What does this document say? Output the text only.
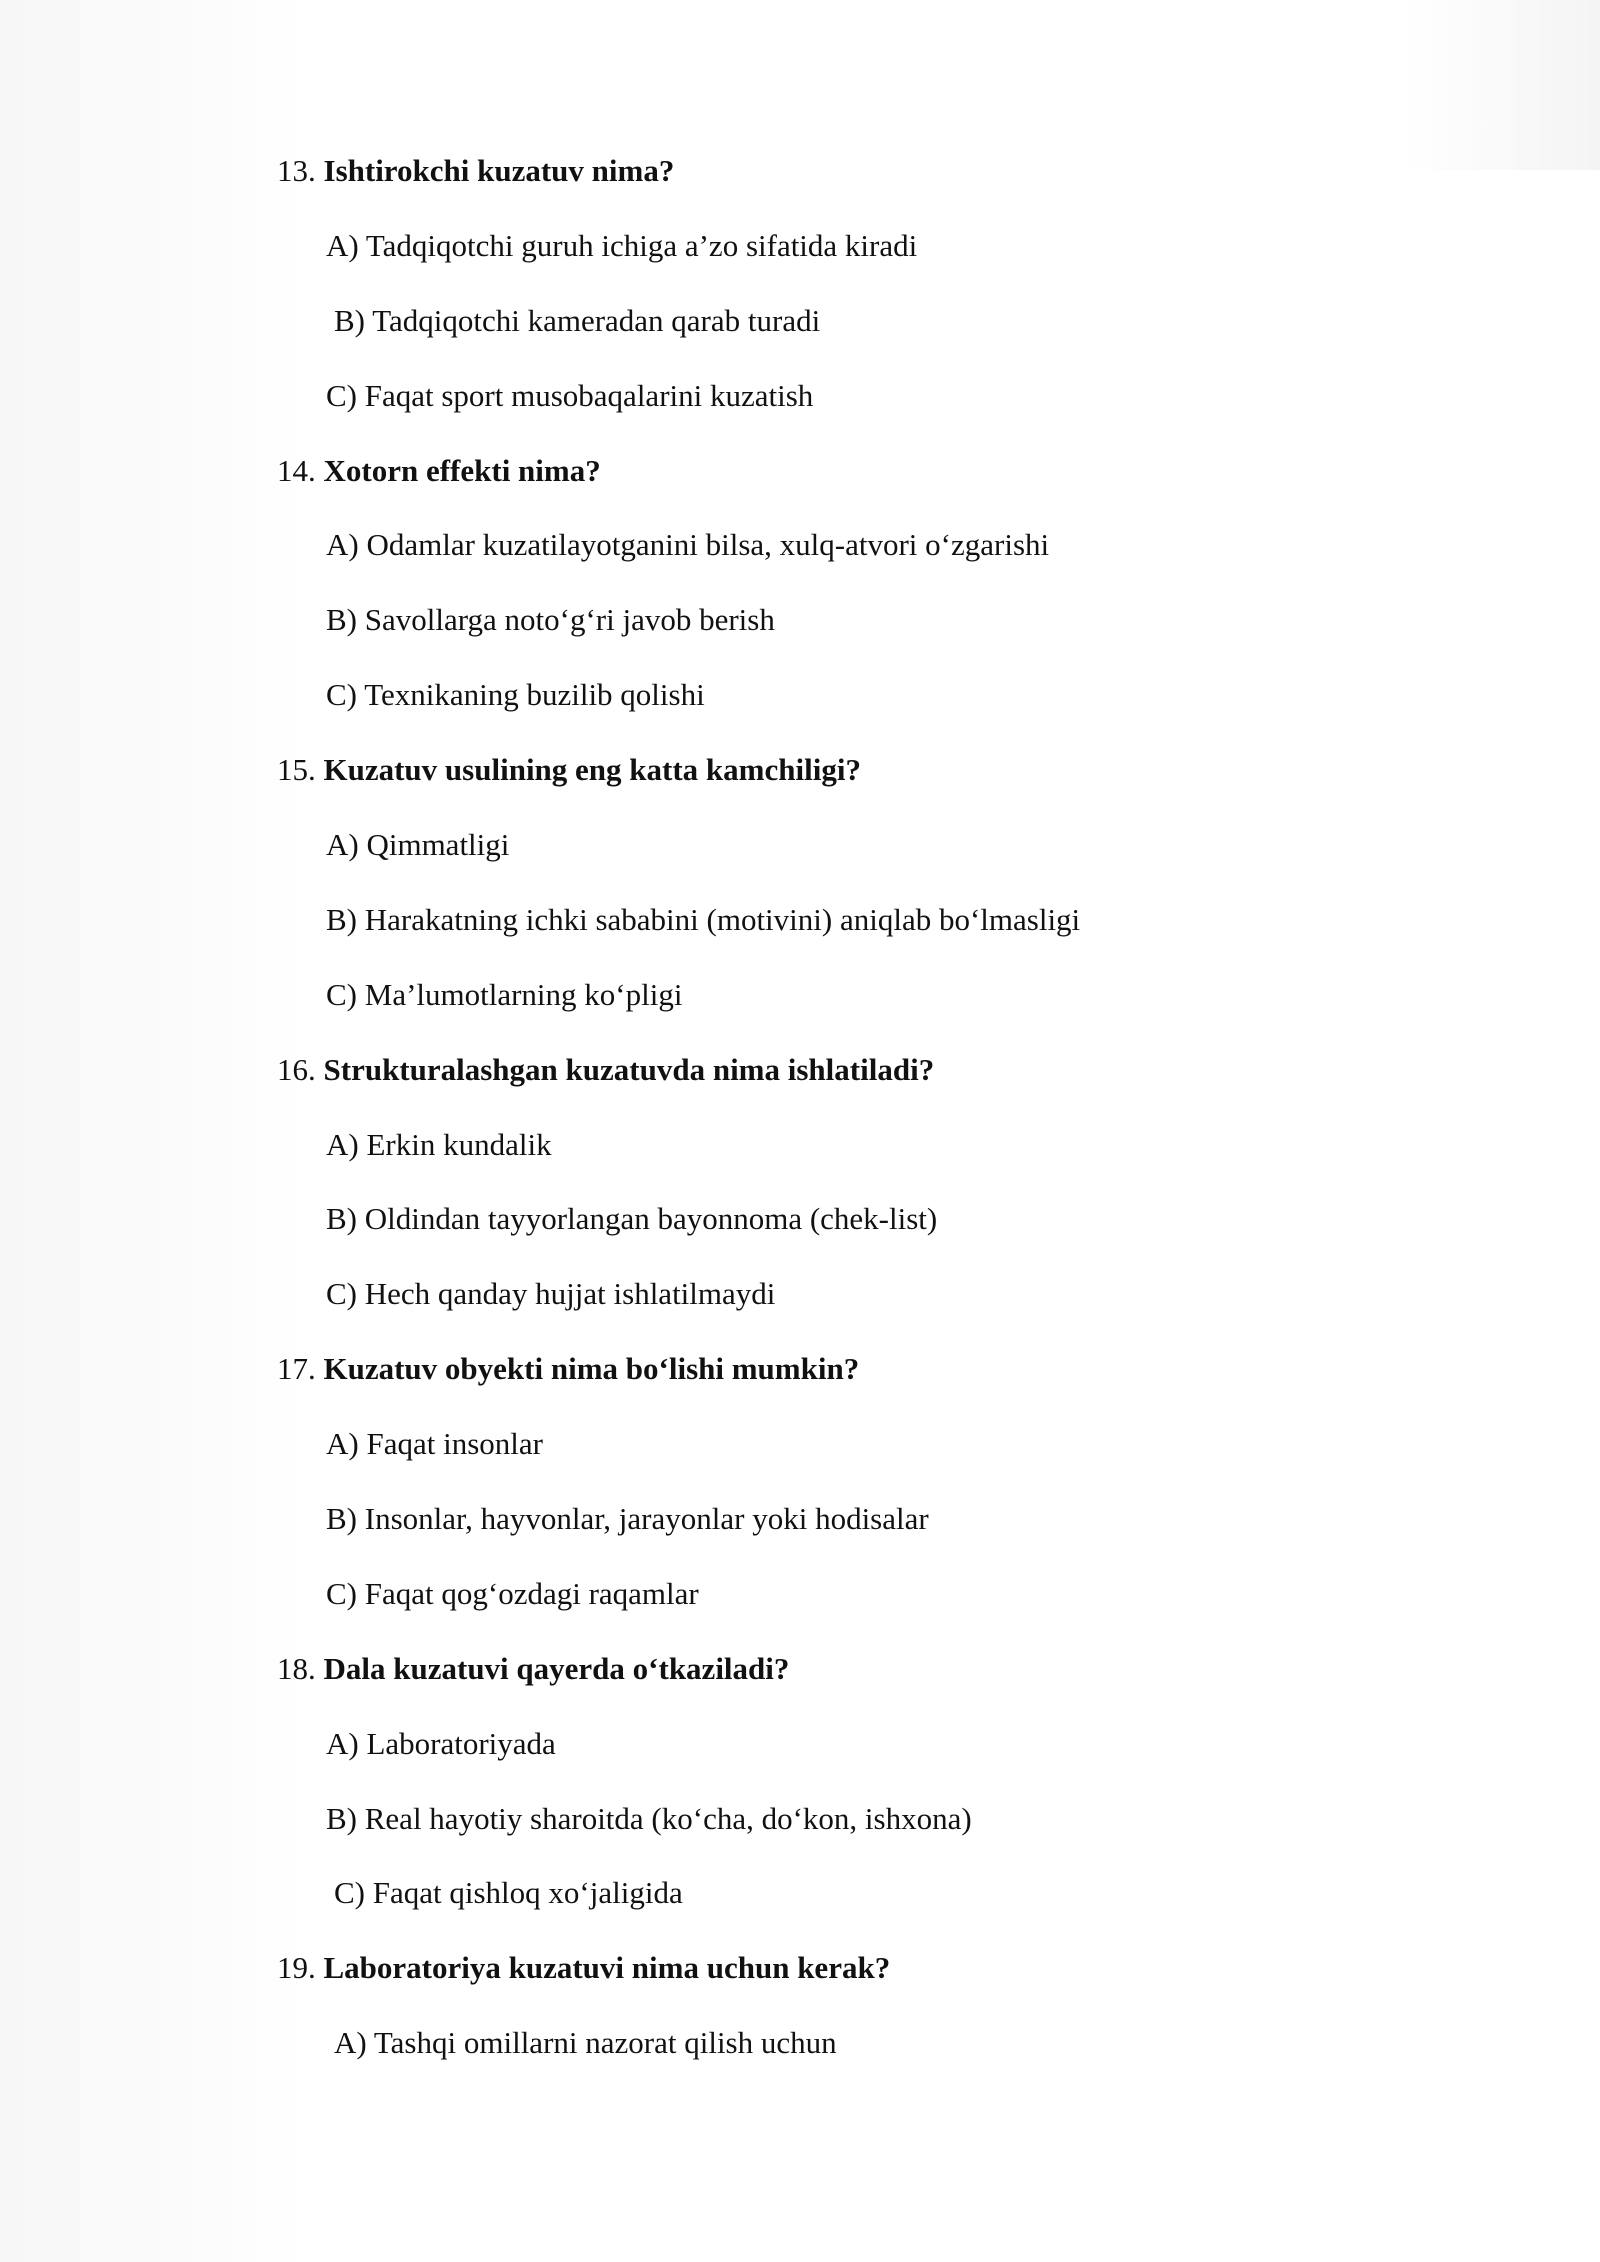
13. Ishtirokchi kuzatuv nima?
A) Tadqiqotchi guruh ichiga a’zo sifatida kiradi
B) Tadqiqotchi kameradan qarab turadi
C) Faqat sport musobaqalarini kuzatish
14. Xotorn effekti nima?
A) Odamlar kuzatilayotganini bilsa, xulq-atvori o‘zgarishi
B) Savollarga noto‘g‘ri javob berish
C) Texnikaning buzilib qolishi
15. Kuzatuv usulining eng katta kamchiligi?
A) Qimmatligi
B) Harakatning ichki sababini (motivini) aniqlab bo‘lmasligi
C) Ma’lumotlarning ko‘pligi
16. Strukturalashgan kuzatuvda nima ishlatiladi?
A) Erkin kundalik
B) Oldindan tayyorlangan bayonnoma (chek-list)
C) Hech qanday hujjat ishlatilmaydi
17. Kuzatuv obyekti nima bo‘lishi mumkin?
A) Faqat insonlar
B) Insonlar, hayvonlar, jarayonlar yoki hodisalar
C) Faqat qog‘ozdagi raqamlar
18. Dala kuzatuvi qayerda o‘tkaziladi?
A) Laboratoriyada
B) Real hayotiy sharoitda (ko‘cha, do‘kon, ishxona)
C) Faqat qishloq xo‘jaligida
19. Laboratoriya kuzatuvi nima uchun kerak?
A) Tashqi omillarni nazorat qilish uchun
